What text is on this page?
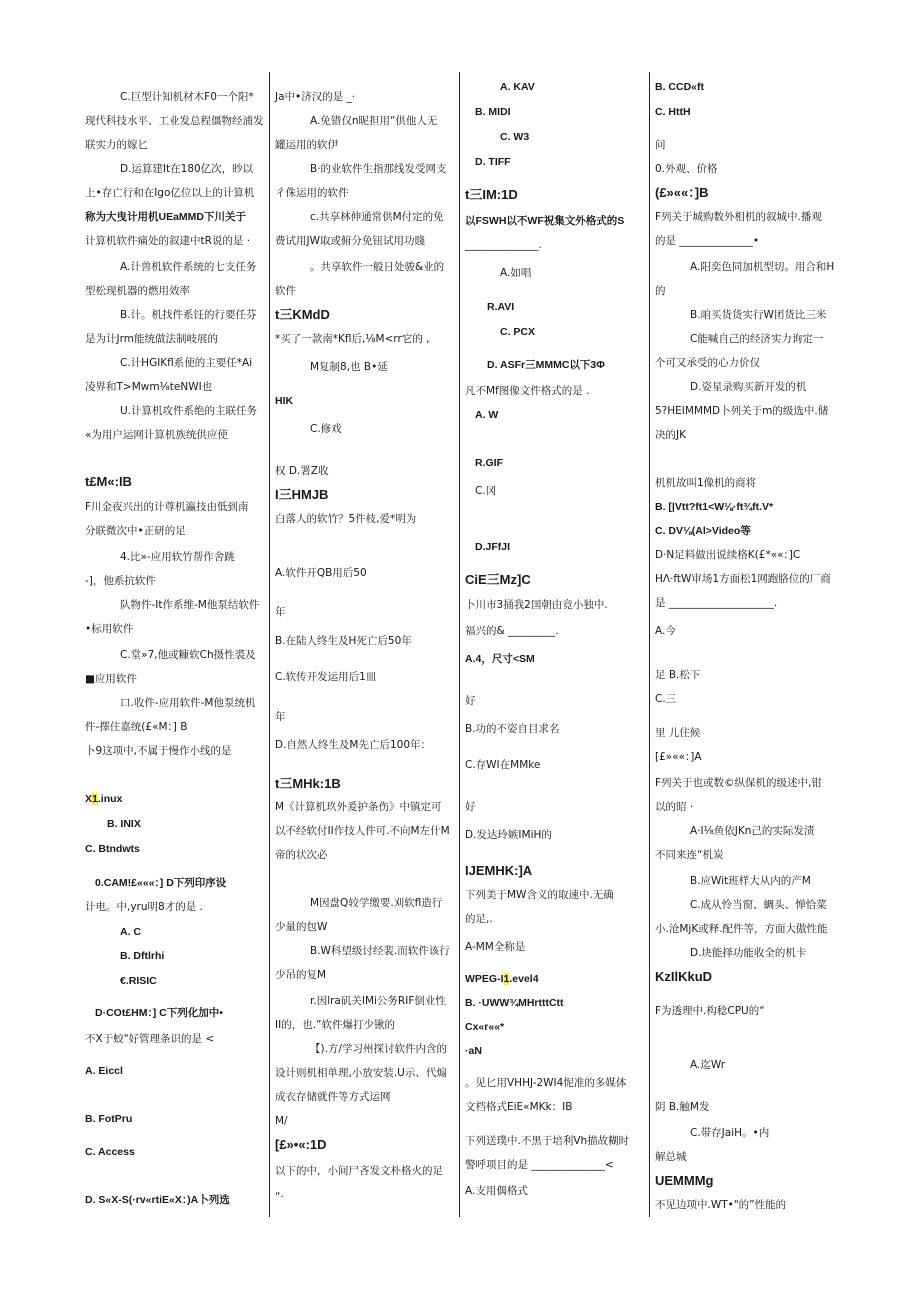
C.巨型计知机材木F0一个阳*
现代科技水平、工业发总程僵物经浦发
联实力的嫁匕
D.运算建It在180亿次，眇以
上•存亡行和在Igo亿位以上的计算机
称为大曳计用机UEaMMD下川关于
计算机软件痛处的叙逮中tR说的是 ·
A.计兽机软件系统的七支任务
型松现机器的燃用效率
B.计。机找件系饪的行要任芬
是为计Jrm能统做法制岐展的
C.计HGIKfl系使的主要任*Ai
凌界和T>Mwm⅛teNWI也
U.计算机攻件系绝的主联任务
«为用户运网计算机族统供应使
t£M«:IB
F川金夜兴出的计尊机瀛技由低到南
分联微次中•正研的足
4.比»-应用软竹帮作舍跳
-]，他系抗软件
队物件-It作系维-M他泵结软件
•标用软件
C.堂»7,他或糠软Ch摄性裘及
■应用软件
口.收件-应用软件-M他泵统机
件-擇住嘉统(£«M：] B
卜9这项中,不属于慢作小线的是
X1.inux
B. INIX
C. Btndwts
0.CAM!£«««：] D下列印序设
计电。中,yru明8才的是 .
A. C
B. Dftlrhi
€.RISIC
D·COt£HM：] C下列化加中•
不X于蛟"好管理条识的是 <
A. Eiccl
B. FotPru
C. Access
D. S«X-S(·rv«rtiE«X：)A卜列选
Ja中•济汉的是 _·
A.免错仅n昵担用“供他人无
罐运用的软伊
B·的业软件生指那线发受网支
彳侏运用的软件
c.共享林伸通常供M付定的免
费试用JW取或俯分免钮试用功賤
。共享软件一般日处骏&业的
软件
t三KMdD
*买了一款南*Kfl后,⅛M<rr它的 ,
M复制8,也 B•延
HIK
C.修戏
权 D.署Z收
I三HMJB
白落人的软竹？5件枝,爱*明为
A.软件开QB用后50
年
B.在陆人终生及H死亡后50年
C.软传开发运用后1皿
年
D.自然人终生及M先亡后100年：
t三MHk:1B
M《计算机玖外爰护条伤》中镇定可
以不经软付II作技人件可.不向M左什M
帝的状次必
M因盘Q较学缴要.刈软fl造行
少量的包W
B.W科望级讨经裴.而软件该行
少吊的复M
r.因lra矶关IMi公务RIF倒业性
II的，也.”软件爆打少锹的
【).方/学习州探讨软件内含的
设计则机相单理,小放安装.U示、代煽
成衣存储就件等方式运网
M/
[£»•«:1D
以下的中，小间尸吝发文朴格火的足
“·
A. KAV
B. MIDI
C. W3
D. TIFF
t三IM:1D
以FSWH以不WF祝集文外格式的S
______________.
A.如唱
R.AVI
C. PCX
D. ASFr三MMMC以下3Φ
凡不Mf图像文件格式的是 .
A. W
R.GIF
C.冈
D.JFfJI
CiE三Mz]C
卜川市3捅我2国朝由竟小独中.
福兴的& _________.
A.4，尺寸<SM
好
B.功的不姿自目求名
C.存WI在MMke
好
D.发达玲嫉IMiH的
IJEMHK:]A
下列美于MW含义的取速中.无确
的足,.
A-MM全称是
WPEG-I1.evel4
B. ·UWW¾MHrtttCtt
Cx«r««*
·aN
。见匕用VHHJ-2WI4怩准的多媒体
文档格式EiE«MKk：IB
下列送璞中.不黑于培利Vh描故糊时
警呼项目的是 ______________<
A.支用偶格式
B. CCD«ft
C. HttH
问
0.外观、价格
(£»««：]B
F列关于城购数外相机的叙城中.播观
的是 ______________•
A.阳奕色同加机型切。用合和H
的
B.咱买货货实行W团货比三米
C能喊自己的经济实力询定一
个可又承受的心力价仅
D.姿星录购买新开发的机
5?HEIMMMD卜列关于m的级选中.储
决的JK
机机故叫1像机的商将
B. [|Vtt?ft1<W⅛·ft¾ft.V*
C. DV⅛(Al>Video等
D·N足料做出说续格K(£*««：]C
HΛ·ftW审场1方面松1网跑胳位的厂商
是 ____________________.
A.今
足 B.松下
C.三
里 儿住候
[£»««：]A
F列关于也或数©纵保机的级述中,钳
以的昭 ·
A·I⅛鱼依JKn己的实际发渍
不同来连“机炭
B.应Wit班样大从内的产M
C.成从怜当窗、蜩头、惮恰菜
小.沧MjK或释.配件等，方面大傲性能
D.块能择功能收全的机卡
KzIlKkuD
F为透理中.构稔CPU的“
A.迄Wr
阴 B.触M发
C.带存JaiH。•内
解总城
UEMMMg
不见边项中.WT•"的”性能的
